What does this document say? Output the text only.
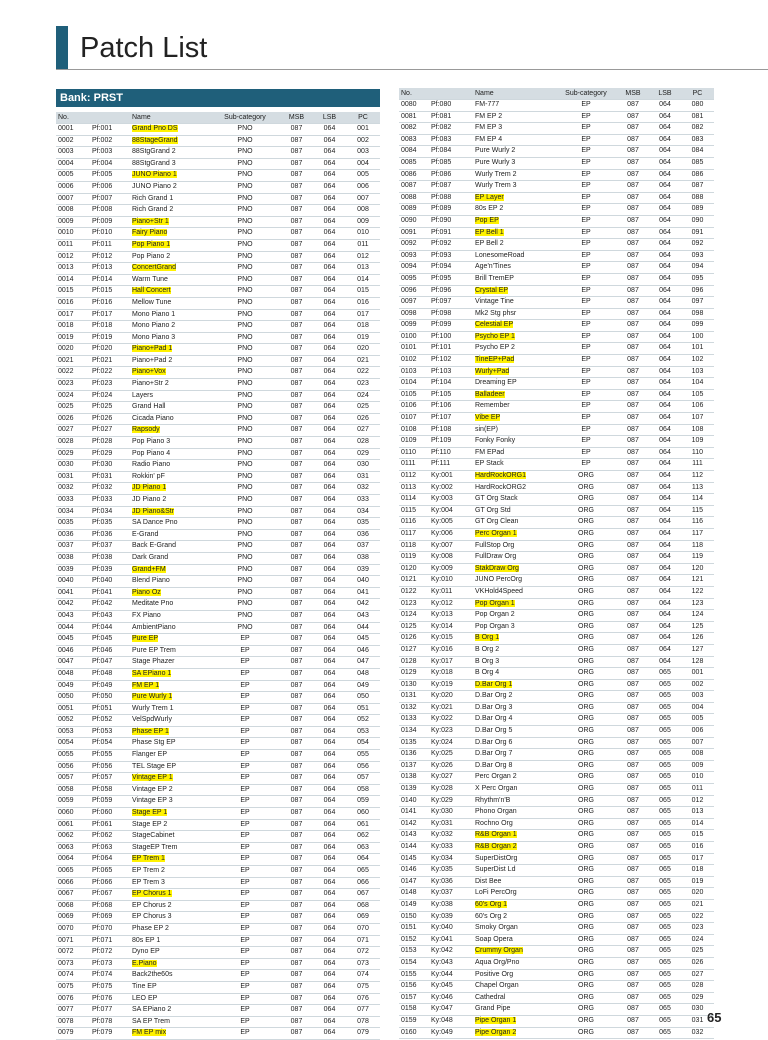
Patch List
Bank: PRST
No.		Name	Sub-category	MSB	LSB	PC
0001	Pf:001	Grand Pno DS	PNO	087	064	001
0002	Pf:002	88StageGrand	PNO	087	064	002
0003	Pf:003	88StgGrand 2	PNO	087	064	003
0004	Pf:004	88StgGrand 3	PNO	087	064	004
0005	Pf:005	JUNO Piano 1	PNO	087	064	005
0006	Pf:006	JUNO Piano 2	PNO	087	064	006
0007	Pf:007	Rich Grand 1	PNO	087	064	007
0008	Pf:008	Rich Grand 2	PNO	087	064	008
0009	Pf:009	Piano+Str 1	PNO	087	064	009
0010	Pf:010	Fairy Piano	PNO	087	064	010
0011	Pf:011	Pop Piano 1	PNO	087	064	011
0012	Pf:012	Pop Piano 2	PNO	087	064	012
0013	Pf:013	ConcertGrand	PNO	087	064	013
0014	Pf:014	Warm Tune	PNO	087	064	014
0015	Pf:015	Hall Concert	PNO	087	064	015
0016	Pf:016	Mellow Tune	PNO	087	064	016
0017	Pf:017	Mono Piano 1	PNO	087	064	017
0018	Pf:018	Mono Piano 2	PNO	087	064	018
0019	Pf:019	Mono Piano 3	PNO	087	064	019
0020	Pf:020	Piano+Pad 1	PNO	087	064	020
0021	Pf:021	Piano+Pad 2	PNO	087	064	021
0022	Pf:022	Piano+Vox	PNO	087	064	022
0023	Pf:023	Piano+Str 2	PNO	087	064	023
0024	Pf:024	Layers	PNO	087	064	024
0025	Pf:025	Grand Hall	PNO	087	064	025
0026	Pf:026	Cicada Piano	PNO	087	064	026
0027	Pf:027	Rapsody	PNO	087	064	027
0028	Pf:028	Pop Piano 3	PNO	087	064	028
0029	Pf:029	Pop Piano 4	PNO	087	064	029
0030	Pf:030	Radio Piano	PNO	087	064	030
0031	Pf:031	Rokkin' pF	PNO	087	064	031
0032	Pf:032	JD Piano 1	PNO	087	064	032
0033	Pf:033	JD Piano 2	PNO	087	064	033
0034	Pf:034	JD Piano&Str	PNO	087	064	034
0035	Pf:035	SA Dance Pno	PNO	087	064	035
0036	Pf:036	E-Grand	PNO	087	064	036
0037	Pf:037	Back E-Grand	PNO	087	064	037
0038	Pf:038	Dark Grand	PNO	087	064	038
0039	Pf:039	Grand+FM	PNO	087	064	039
0040	Pf:040	Blend Piano	PNO	087	064	040
0041	Pf:041	Piano Oz	PNO	087	064	041
0042	Pf:042	Meditate Pno	PNO	087	064	042
0043	Pf:043	FX Piano	PNO	087	064	043
0044	Pf:044	AmbientPiano	PNO	087	064	044
0045	Pf:045	Pure EP	EP	087	064	045
0046	Pf:046	Pure EP Trem	EP	087	064	046
0047	Pf:047	Stage Phazer	EP	087	064	047
0048	Pf:048	SA EPiano 1	EP	087	064	048
0049	Pf:049	FM EP 1	EP	087	064	049
0050	Pf:050	Pure Wurly 1	EP	087	064	050
0051	Pf:051	Wurly Trem 1	EP	087	064	051
0052	Pf:052	VelSpdWurly	EP	087	064	052
0053	Pf:053	Phase EP 1	EP	087	064	053
0054	Pf:054	Phase Stg EP	EP	087	064	054
0055	Pf:055	Flanger EP	EP	087	064	055
0056	Pf:056	TEL Stage EP	EP	087	064	056
0057	Pf:057	Vintage EP 1	EP	087	064	057
0058	Pf:058	Vintage EP 2	EP	087	064	058
0059	Pf:059	Vintage EP 3	EP	087	064	059
0060	Pf:060	Stage EP 1	EP	087	064	060
0061	Pf:061	Stage EP 2	EP	087	064	061
0062	Pf:062	StageCabinet	EP	087	064	062
0063	Pf:063	StageEP Trem	EP	087	064	063
0064	Pf:064	EP Trem 1	EP	087	064	064
0065	Pf:065	EP Trem 2	EP	087	064	065
0066	Pf:066	EP Trem 3	EP	087	064	066
0067	Pf:067	EP Chorus 1	EP	087	064	067
0068	Pf:068	EP Chorus 2	EP	087	064	068
0069	Pf:069	EP Chorus 3	EP	087	064	069
0070	Pf:070	Phase EP 2	EP	087	064	070
0071	Pf:071	80s EP 1	EP	087	064	071
0072	Pf:072	Dyno EP	EP	087	064	072
0073	Pf:073	E.Piano	EP	087	064	073
0074	Pf:074	Back2the60s	EP	087	064	074
0075	Pf:075	Tine EP	EP	087	064	075
0076	Pf:076	LEO EP	EP	087	064	076
0077	Pf:077	SA EPiano 2	EP	087	064	077
0078	Pf:078	SA EP Trem	EP	087	064	078
0079	Pf:079	FM EP mix	EP	087	064	079
No.		Name	Sub-category	MSB	LSB	PC
0080	Pf:080	FM-777	EP	087	064	080
0081	Pf:081	FM EP 2	EP	087	064	081
0082	Pf:082	FM EP 3	EP	087	064	082
0083	Pf:083	FM EP 4	EP	087	064	083
0084	Pf:084	Pure Wurly 2	EP	087	064	084
0085	Pf:085	Pure Wurly 3	EP	087	064	085
0086	Pf:086	Wurly Trem 2	EP	087	064	086
0087	Pf:087	Wurly Trem 3	EP	087	064	087
0088	Pf:088	EP Layer	EP	087	064	088
0089	Pf:089	80s EP 2	EP	087	064	089
0090	Pf:090	Pop EP	EP	087	064	090
0091	Pf:091	EP Bell 1	EP	087	064	091
0092	Pf:092	EP Bell 2	EP	087	064	092
0093	Pf:093	LonesomeRoad	EP	087	064	093
0094	Pf:094	Age'n'Tines	EP	087	064	094
0095	Pf:095	Brill TremEP	EP	087	064	095
0096	Pf:096	Crystal EP	EP	087	064	096
0097	Pf:097	Vintage Tine	EP	087	064	097
0098	Pf:098	Mk2 Stg phsr	EP	087	064	098
0099	Pf:099	Celestial EP	EP	087	064	099
0100	Pf:100	Psycho EP 1	EP	087	064	100
0101	Pf:101	Psycho EP 2	EP	087	064	101
0102	Pf:102	TineEP+Pad	EP	087	064	102
0103	Pf:103	Wurly+Pad	EP	087	064	103
0104	Pf:104	Dreaming EP	EP	087	064	104
0105	Pf:105	Balladeer	EP	087	064	105
0106	Pf:106	Remember	EP	087	064	106
0107	Pf:107	Vibe EP	EP	087	064	107
0108	Pf:108	sin(EP)	EP	087	064	108
0109	Pf:109	Fonky Fonky	EP	087	064	109
0110	Pf:110	FM EPad	EP	087	064	110
0111	Pf:111	EP Stack	EP	087	064	111
0112	Ky:001	HardRockORG1	ORG	087	064	112
0113	Ky:002	HardRockORG2	ORG	087	064	113
0114	Ky:003	GT Org Stack	ORG	087	064	114
0115	Ky:004	GT Org Std	ORG	087	064	115
0116	Ky:005	GT Org Clean	ORG	087	064	116
0117	Ky:006	Perc Organ 1	ORG	087	064	117
0118	Ky:007	FullStop Org	ORG	087	064	118
0119	Ky:008	FullDraw Org	ORG	087	064	119
0120	Ky:009	StakDraw Org	ORG	087	064	120
0121	Ky:010	JUNO PercOrg	ORG	087	064	121
0122	Ky:011	VKHold4Speed	ORG	087	064	122
0123	Ky:012	Pop Organ 1	ORG	087	064	123
0124	Ky:013	Pop Organ 2	ORG	087	064	124
0125	Ky:014	Pop Organ 3	ORG	087	064	125
0126	Ky:015	B Org 1	ORG	087	064	126
0127	Ky:016	B Org 2	ORG	087	064	127
0128	Ky:017	B Org 3	ORG	087	064	128
0129	Ky:018	B Org 4	ORG	087	065	001
0130	Ky:019	D.Bar Org 1	ORG	087	065	002
0131	Ky:020	D.Bar Org 2	ORG	087	065	003
0132	Ky:021	D.Bar Org 3	ORG	087	065	004
0133	Ky:022	D.Bar Org 4	ORG	087	065	005
0134	Ky:023	D.Bar Org 5	ORG	087	065	006
0135	Ky:024	D.Bar Org 6	ORG	087	065	007
0136	Ky:025	D.Bar Org 7	ORG	087	065	008
0137	Ky:026	D.Bar Org 8	ORG	087	065	009
0138	Ky:027	Perc Organ 2	ORG	087	065	010
0139	Ky:028	X Perc Organ	ORG	087	065	011
0140	Ky:029	Rhythm'n'B	ORG	087	065	012
0141	Ky:030	Phono Organ	ORG	087	065	013
0142	Ky:031	Rochno Org	ORG	087	065	014
0143	Ky:032	R&B Organ 1	ORG	087	065	015
0144	Ky:033	R&B Organ 2	ORG	087	065	016
0145	Ky:034	SuperDistOrg	ORG	087	065	017
0146	Ky:035	SuperDist Ld	ORG	087	065	018
0147	Ky:036	Dist Bee	ORG	087	065	019
0148	Ky:037	LoFi PercOrg	ORG	087	065	020
0149	Ky:038	60's Org 1	ORG	087	065	021
0150	Ky:039	60's Org 2	ORG	087	065	022
0151	Ky:040	Smoky Organ	ORG	087	065	023
0152	Ky:041	Soap Opera	ORG	087	065	024
0153	Ky:042	Crummy Organ	ORG	087	065	025
0154	Ky:043	Aqua Org/Pno	ORG	087	065	026
0155	Ky:044	Positive Org	ORG	087	065	027
0156	Ky:045	Chapel Organ	ORG	087	065	028
0157	Ky:046	Cathedral	ORG	087	065	029
0158	Ky:047	Grand Pipe	ORG	087	065	030
0159	Ky:048	Pipe Organ 1	ORG	087	065	031
0160	Ky:049	Pipe Organ 2	ORG	087	065	032
65
